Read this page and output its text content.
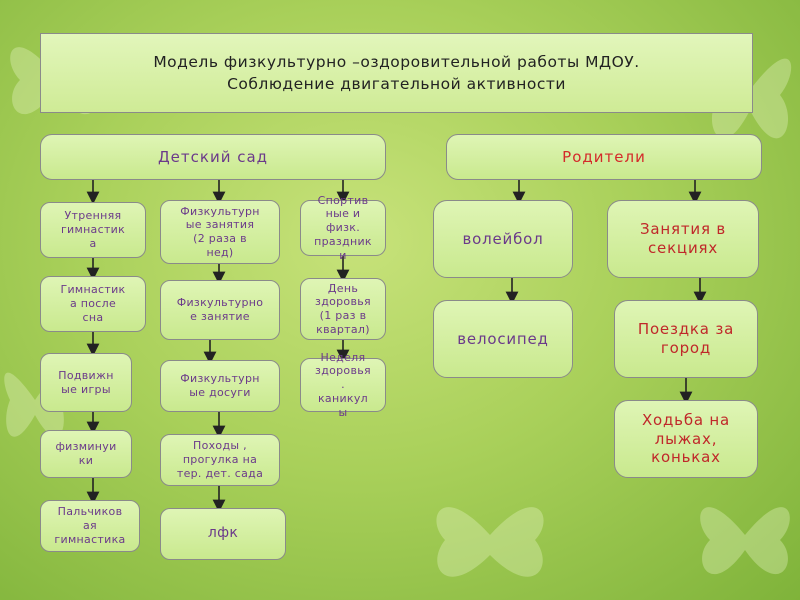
Модель физкультурно –оздоровительной работы МДОУ.
Соблюдение двигательной активности
Детский сад	Родители
Утренняя
гимнастик
а
Гимнастик
а после
сна
Подвижн
ые игры
физминуи
ки
Пальчиков
ая
гимнастика
Физкультурн
ые занятия
(2 раза в
нед)
Физкультурно
е занятие
Физкультурн
ые досуги
Походы ,
прогулка на
тер. дет. сада
лфк
Спортив
ные и
физк.
праздник
и
День
здоровья
(1 раз в
квартал)
Неделя
здоровья
.
каникул
ы
волейбол
велосипед
Занятия в
секциях
Поездка за
город
Ходьба на
лыжах,
коньках
